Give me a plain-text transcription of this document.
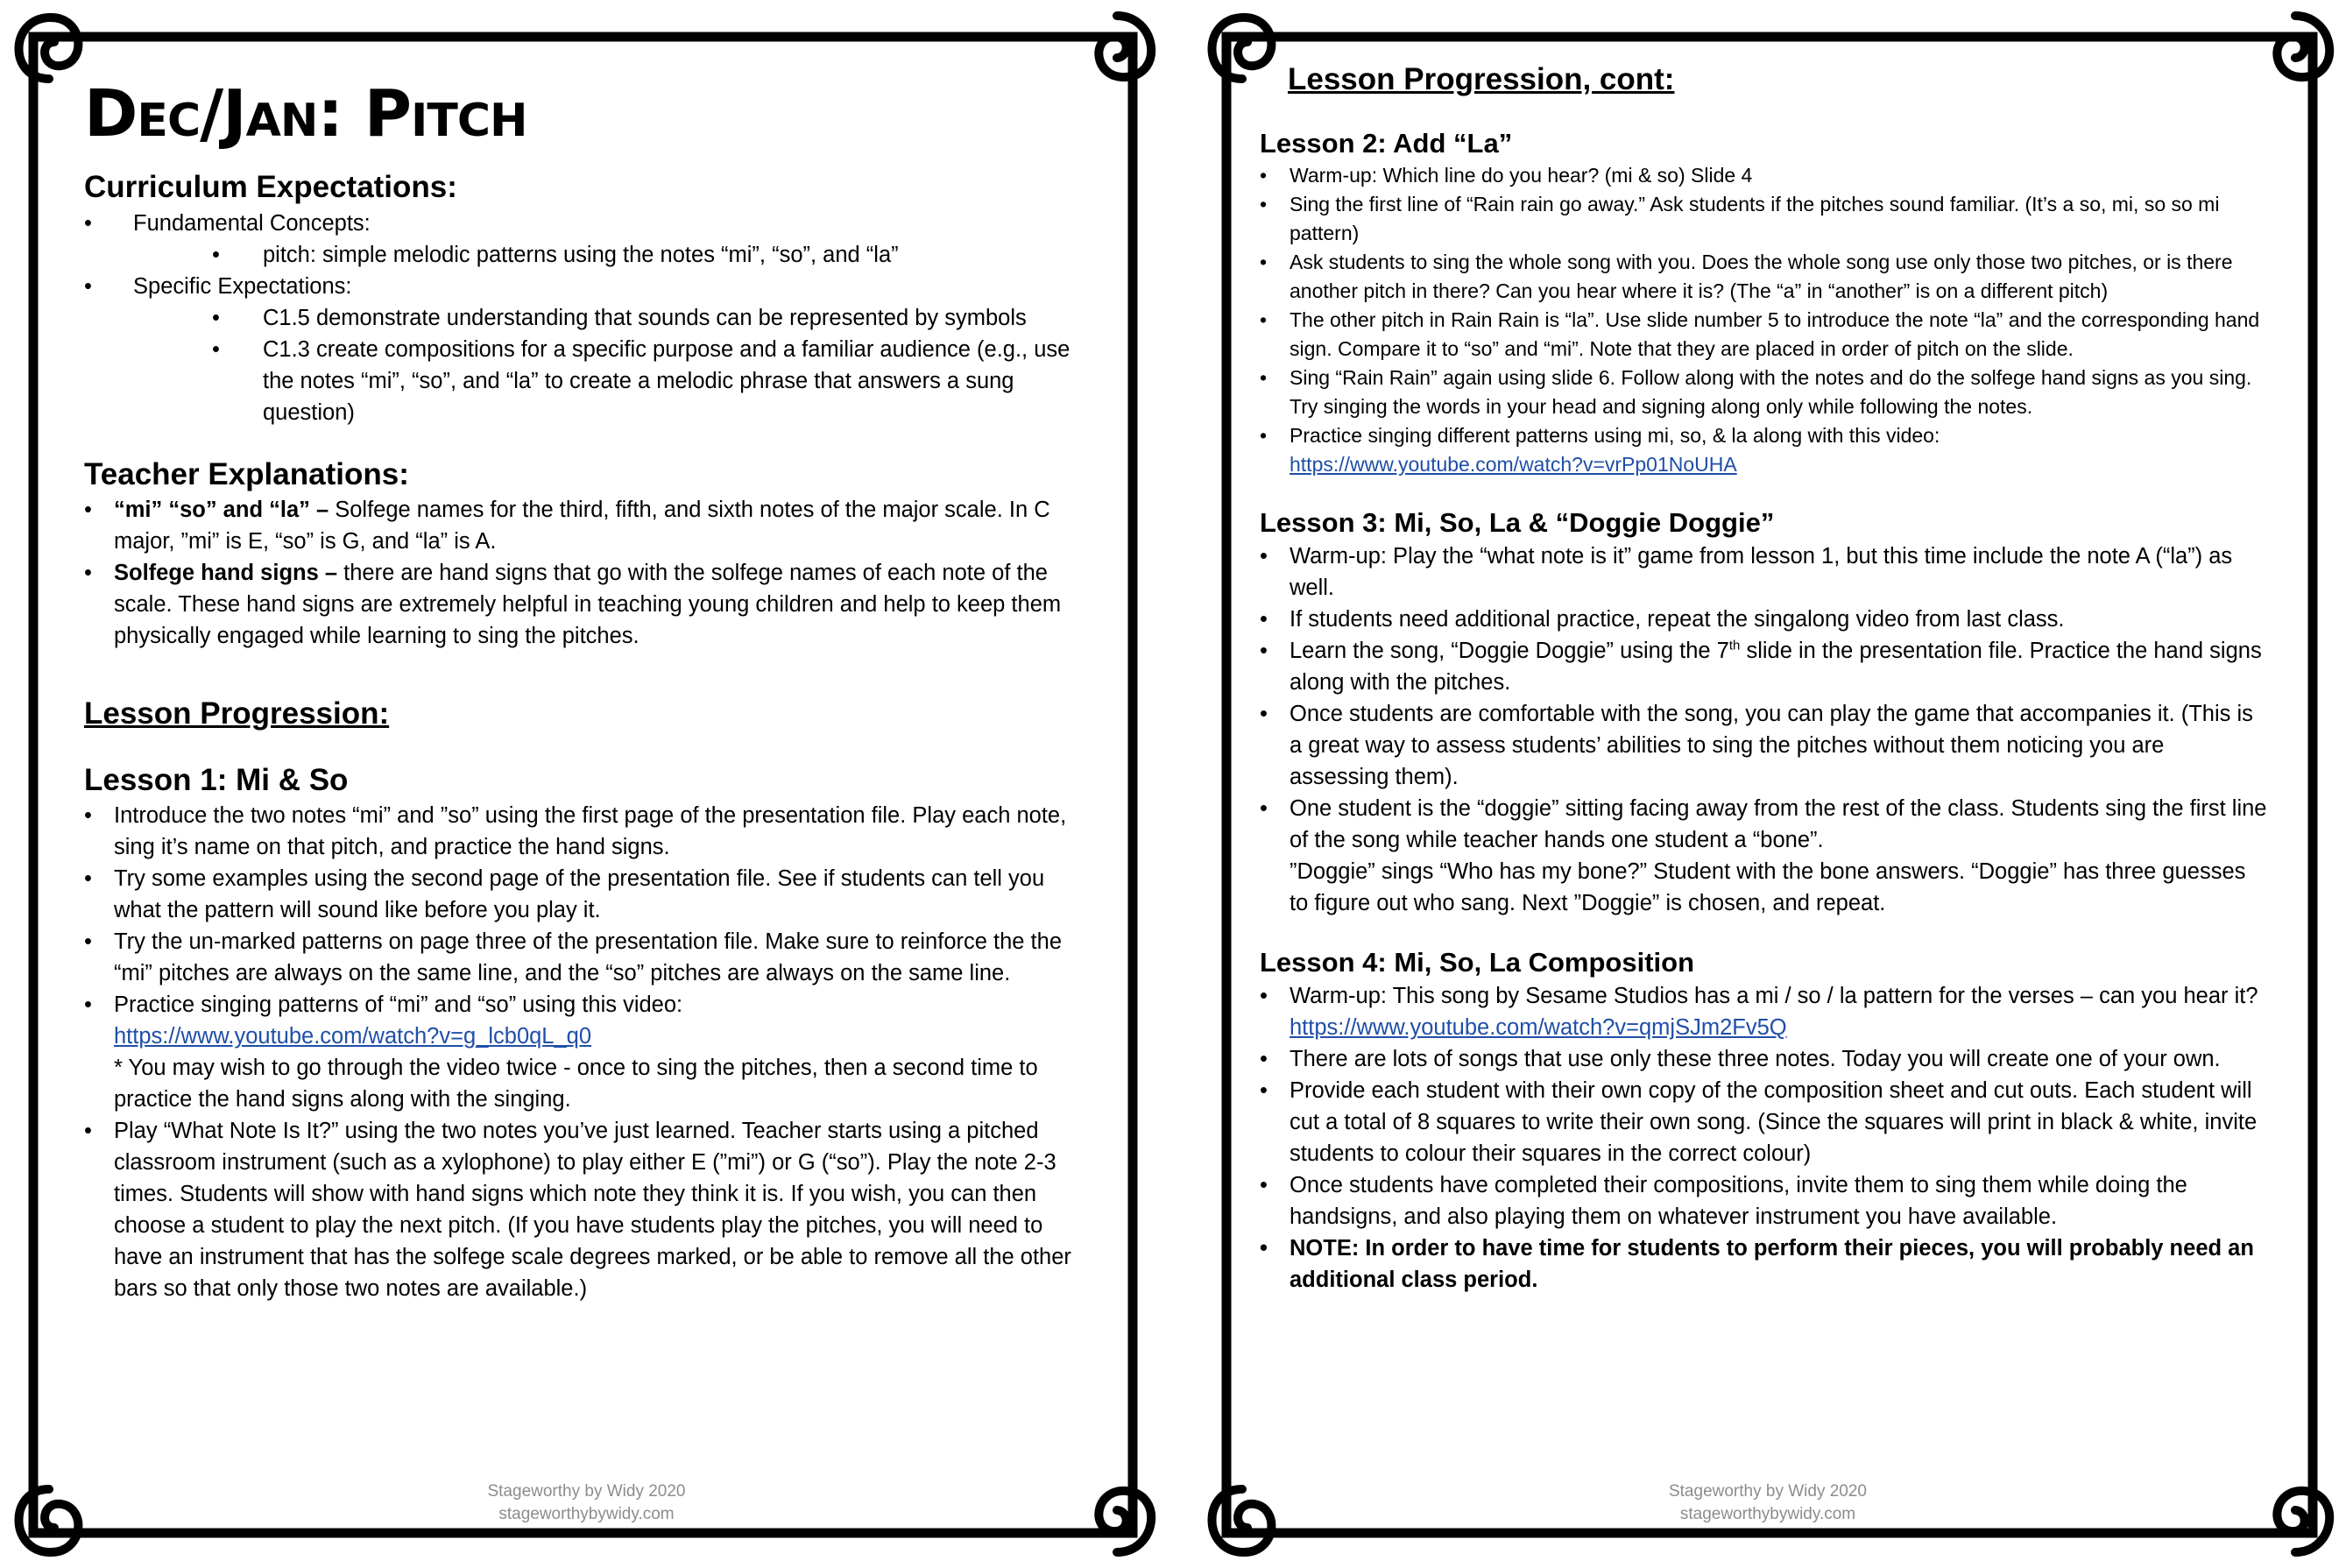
Dec/Jan: Pitch
Curriculum Expectations:
• Fundamental Concepts:
• pitch: simple melodic patterns using the notes “mi”, “so”, and “la”
• Specific Expectations:
• C1.5 demonstrate understanding that sounds can be represented by symbols
• C1.3 create compositions for a specific purpose and a familiar audience (e.g., use the notes “mi”, “so”, and “la” to create a melodic phrase that answers a sung question)
Teacher Explanations:
• “mi” “so” and “la” – Solfege names for the third, fifth, and sixth notes of the major scale. In C major, ”mi” is E, “so” is G, and “la” is A.
• Solfege hand signs – there are hand signs that go with the solfege names of each note of the scale. These hand signs are extremely helpful in teaching young children and help to keep them physically engaged while learning to sing the pitches.
Lesson Progression:
Lesson 1: Mi & So
• Introduce the two notes “mi” and ”so” using the first page of the presentation file. Play each note, sing it’s name on that pitch, and practice the hand signs.
• Try some examples using the second page of the presentation file. See if students can tell you what the pattern will sound like before you play it.
• Try the un-marked patterns on page three of the presentation file. Make sure to reinforce the the “mi” pitches are always on the same line, and the “so” pitches are always on the same line.
• Practice singing patterns of “mi” and “so” using this video:
https://www.youtube.com/watch?v=g_lcb0qL_q0
* You may wish to go through the video twice - once to sing the pitches, then a second time to practice the hand signs along with the singing.
• Play “What Note Is It?” using the two notes you’ve just learned. Teacher starts using a pitched classroom instrument (such as a xylophone) to play either E (”mi”) or G (“so”). Play the note 2-3 times. Students will show with hand signs which note they think it is. If you wish, you can then choose a student to play the next pitch. (If you have students play the pitches, you will need to have an instrument that has the solfege scale degrees marked, or be able to remove all the other bars so that only those two notes are available.)
Stageworthy by Widy 2020
stageworthybywidy.com
Lesson Progression, cont:
Lesson 2: Add “La”
• Warm-up: Which line do you hear? (mi & so) Slide 4
• Sing the first line of “Rain rain go away.” Ask students if the pitches sound familiar. (It’s a so, mi, so so mi pattern)
• Ask students to sing the whole song with you. Does the whole song use only those two pitches, or is there another pitch in there? Can you hear where it is? (The “a” in “another” is on a different pitch)
• The other pitch in Rain Rain is “la”. Use slide number 5 to introduce the note “la” and the corresponding hand sign. Compare it to “so” and “mi”. Note that they are placed in order of pitch on the slide.
• Sing “Rain Rain” again using slide 6. Follow along with the notes and do the solfege hand signs as you sing. Try singing the words in your head and signing along only while following the notes.
• Practice singing different patterns using mi, so, & la along with this video:
https://www.youtube.com/watch?v=vrPp01NoUHA
Lesson 3: Mi, So, La & “Doggie Doggie”
• Warm-up: Play the “what note is it” game from lesson 1, but this time include the note A (“la”) as well.
• If students need additional practice, repeat the singalong video from last class.
• Learn the song, “Doggie Doggie” using the 7th slide in the presentation file. Practice the hand signs along with the pitches.
• Once students are comfortable with the song, you can play the game that accompanies it. (This is a great way to assess students’ abilities to sing the pitches without them noticing you are assessing them).
• One student is the “doggie” sitting facing away from the rest of the class. Students sing the first line of the song while teacher hands one student a “bone”.
”Doggie” sings “Who has my bone?” Student with the bone answers. “Doggie” has three guesses to figure out who sang. Next ”Doggie” is chosen, and repeat.
Lesson 4: Mi, So, La Composition
• Warm-up: This song by Sesame Studios has a mi / so / la pattern for the verses – can you hear it?
https://www.youtube.com/watch?v=qmjSJm2Fv5Q
• There are lots of songs that use only these three notes. Today you will create one of your own.
• Provide each student with their own copy of the composition sheet and cut outs. Each student will cut a total of 8 squares to write their own song. (Since the squares will print in black & white, invite students to colour their squares in the correct colour)
• Once students have completed their compositions, invite them to sing them while doing the handsigns, and also playing them on whatever instrument you have available.
• NOTE: In order to have time for students to perform their pieces, you will probably need an additional class period.
Stageworthy by Widy 2020
stageworthybywidy.com
